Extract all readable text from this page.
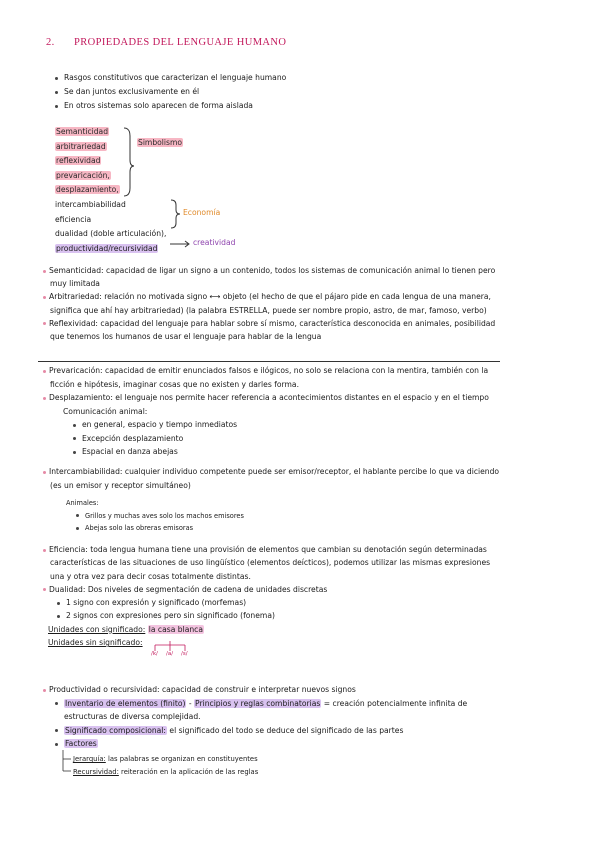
2. PROPIEDADES DEL LENGUAJE HUMANO
Rasgos constitutivos que caracterizan el lenguaje humano
Se dan juntos exclusivamente en él
En otros sistemas solo aparecen de forma aislada
Semanticidad
arbitrariedad
reflexividad
prevaricación,
desplazamiento,
intercambiabilidad
eficiencia
dualidad (doble articulación),
productividad/recursividad
Simbolismo
Economía
creatividad
Semanticidad: capacidad de ligar un signo a un contenido, todos los sistemas de comunicación animal lo tienen pero
muy limitada
Arbitrariedad: relación no motivada signo ⟷ objeto (el hecho de que el pájaro pide en cada lengua de una manera,
significa que ahí hay arbitrariedad) (la palabra ESTRELLA, puede ser nombre propio, astro, de mar, famoso, verbo)
Reflexividad: capacidad del lenguaje para hablar sobre sí mismo, característica desconocida en animales, posibilidad
que tenemos los humanos de usar el lenguaje para hablar de la lengua
Prevaricación: capacidad de emitir enunciados falsos e ilógicos, no solo se relaciona con la mentira, también con la
ficción e hipótesis, imaginar cosas que no existen y darles forma.
Desplazamiento: el lenguaje nos permite hacer referencia a acontecimientos distantes en el espacio y en el tiempo
Comunicación animal:
en general, espacio y tiempo inmediatos
Excepción desplazamiento
Espacial en danza abejas
Intercambiabilidad: cualquier individuo competente puede ser emisor/receptor, el hablante percibe lo que va diciendo
(es un emisor y receptor simultáneo)
Animales:
Grillos y muchas aves solo los machos emisores
Abejas solo las obreras emisoras
Eficiencia: toda lengua humana tiene una provisión de elementos que cambian su denotación según determinadas
características de las situaciones de uso lingüístico (elementos deícticos), podemos utilizar las mismas expresiones
una y otra vez para decir cosas totalmente distintas.
Dualidad: Dos niveles de segmentación de cadena de unidades discretas
1 signo con expresión y significado (morfemas)
2 signos con expresiones pero sin significado (fonema)
Unidades con significado: la casa blanca
Unidades sin significado:
/k/ /a/ /s/
Productividad o recursividad: capacidad de construir e interpretar nuevos signos
Inventario de elementos (finito) - Principios y reglas combinatorias = creación potencialmente infinita de
estructuras de diversa complejidad.
Significado composicional: el significado del todo se deduce del significado de las partes
Factores
Jerarquía: las palabras se organizan en constituyentes
Recursividad: reiteración en la aplicación de las reglas
